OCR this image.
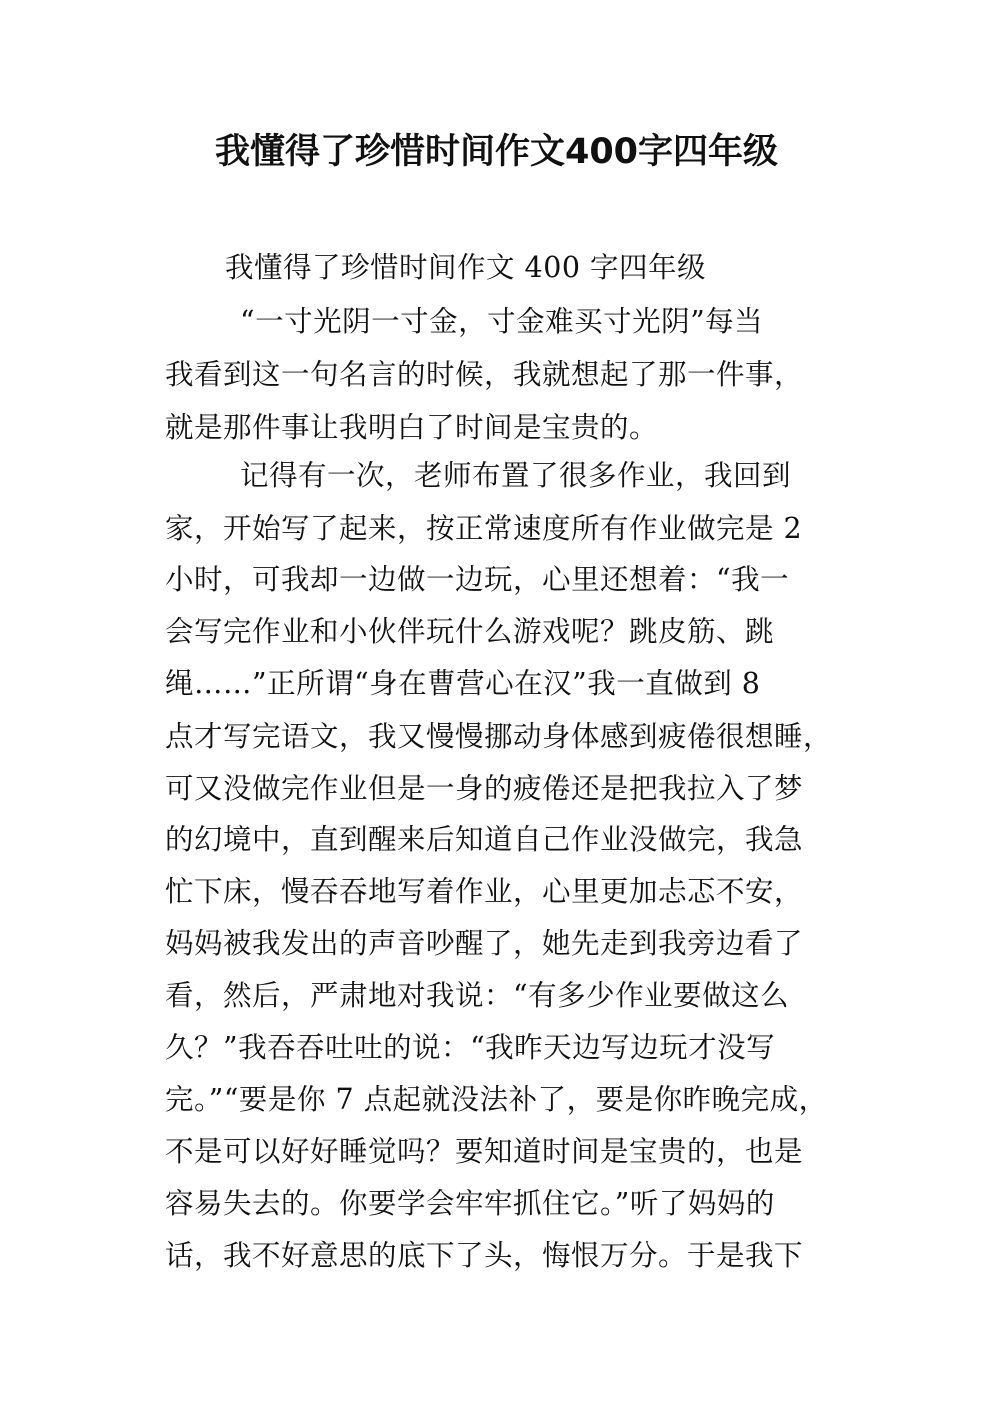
我懂得了珍惜时间作文400字四年级
我懂得了珍惜时间作文 400 字四年级
“一寸光阴一寸金，寸金难买寸光阴”每当
我看到这一句名言的时候，我就想起了那一件事，
就是那件事让我明白了时间是宝贵的。
记得有一次，老师布置了很多作业，我回到
家，开始写了起来，按正常速度所有作业做完是 2
小时，可我却一边做一边玩，心里还想着：“我一
会写完作业和小伙伴玩什么游戏呢？跳皮筋、跳
绳……”正所谓“身在曹营心在汉”我一直做到 8
点才写完语文，我又慢慢挪动身体感到疲倦很想睡，
可又没做完作业但是一身的疲倦还是把我拉入了梦
的幻境中，直到醒来后知道自己作业没做完，我急
忙下床，慢吞吞地写着作业，心里更加忐忑不安，
妈妈被我发出的声音吵醒了，她先走到我旁边看了
看，然后，严肃地对我说：“有多少作业要做这么
久？”我吞吞吐吐的说：“我昨天边写边玩才没写
完。”“要是你 7 点起就没法补了，要是你昨晚完成，
不是可以好好睡觉吗？要知道时间是宝贵的，也是
容易失去的。你要学会牢牢抓住它。”听了妈妈的
话，我不好意思的底下了头，悔恨万分。于是我下
